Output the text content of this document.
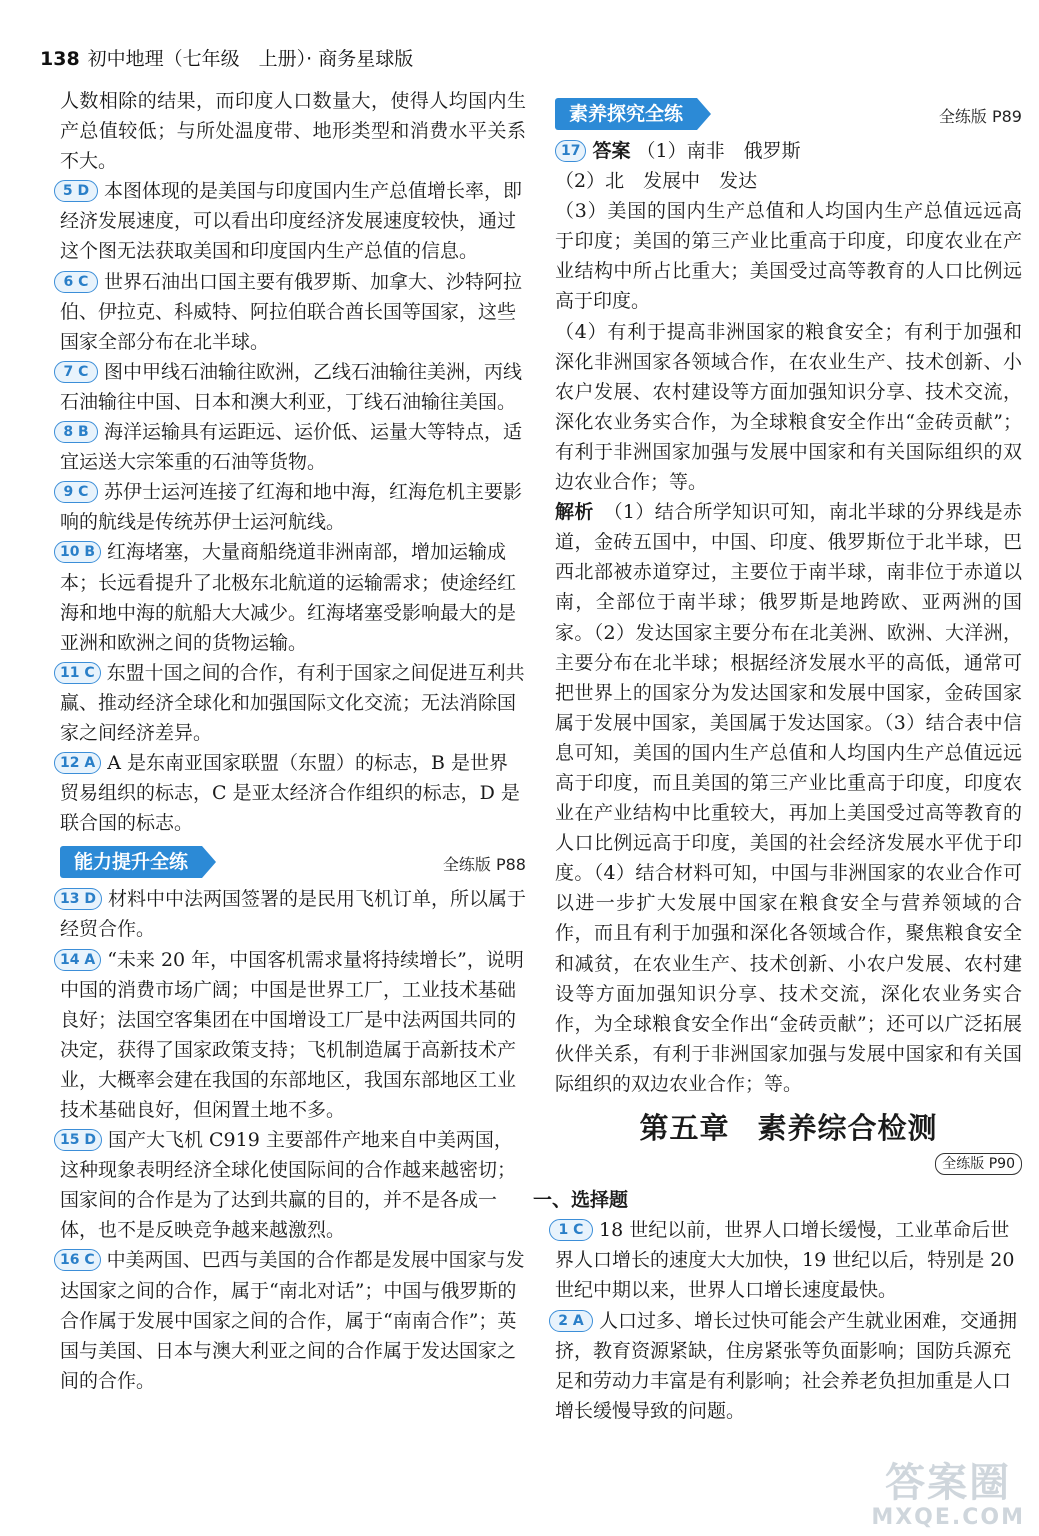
138 初中地理（七年级　上册）· 商务星球版

人数相除的结果，而印度人口数量大，使得人均国内生产总值较低；与所处温度带、地形类型和消费水平关系不大。

5 D 本图体现的是美国与印度国内生产总值增长率，即经济发展速度，可以看出印度经济发展速度较快，通过这个图无法获取美国和印度国内生产总值的信息。
6 C 世界石油出口国主要有俄罗斯、加拿大、沙特阿拉伯、伊拉克、科威特、阿拉伯联合酋长国等国家，这些国家全部分布在北半球。
7 C 图中甲线石油输往欧洲，乙线石油输往美洲，丙线石油输往中国、日本和澳大利亚，丁线石油输往美国。
8 B 海洋运输具有运距远、运价低、运量大等特点，适宜运送大宗笨重的石油等货物。
9 C 苏伊士运河连接了红海和地中海，红海危机主要影响的航线是传统苏伊士运河航线。
10 B 红海堵塞，大量商船绕道非洲南部，增加运输成本；长远看提升了北极东北航道的运输需求；使途经红海和地中海的航船大大减少。红海堵塞受影响最大的是亚洲和欧洲之间的货物运输。
11 C 东盟十国之间的合作，有利于国家之间促进互利共赢、推动经济全球化和加强国际文化交流；无法消除国家之间经济差异。
12 A A 是东南亚国家联盟（东盟）的标志，B 是世界贸易组织的标志，C 是亚太经济合作组织的标志，D 是联合国的标志。
能力提升全练	全练版 P88
13 D 材料中中法两国签署的是民用飞机订单，所以属于经贸合作。
14 A “未来 20 年，中国客机需求量将持续增长”，说明中国的消费市场广阔；中国是世界工厂，工业技术基础良好；法国空客集团在中国增设工厂是中法两国共同的决定，获得了国家政策支持；飞机制造属于高新技术产业，大概率会建在我国的东部地区，我国东部地区工业技术基础良好，但闲置土地不多。
15 D 国产大飞机 C919 主要部件产地来自中美两国，这种现象表明经济全球化使国际间的合作越来越密切；国家间的合作是为了达到共赢的目的，并不是各成一体，也不是反映竞争越来越激烈。
16 C 中美两国、巴西与美国的合作都是发展中国家与发达国家之间的合作，属于“南北对话”；中国与俄罗斯的合作属于发展中国家之间的合作，属于“南南合作”；英国与美国、日本与澳大利亚之间的合作属于发达国家之间的合作。
素养探究全练	全练版 P89
17 答案 （1）南非　俄罗斯

（2）北　发展中　发达

（3）美国的国内生产总值和人均国内生产总值远远高于印度；美国的第三产业比重高于印度，印度农业在产业结构中所占比重大；美国受过高等教育的人口比例远高于印度。

（4）有利于提高非洲国家的粮食安全；有利于加强和深化非洲国家各领域合作，在农业生产、技术创新、小农户发展、农村建设等方面加强知识分享、技术交流，深化农业务实合作，为全球粮食安全作出“金砖贡献”；有利于非洲国家加强与发展中国家和有关国际组织的双边农业合作；等。

解析　 （1）结合所学知识可知，南北半球的分界线是赤道，金砖五国中，中国、印度、俄罗斯位于北半球，巴西北部被赤道穿过，主要位于南半球，南非位于赤道以南，全部位于南半球；俄罗斯是地跨欧、亚两洲的国家。（2）发达国家主要分布在北美洲、欧洲、大洋洲，主要分布在北半球；根据经济发展水平的高低，通常可把世界上的国家分为发达国家和发展中国家，金砖国家属于发展中国家，美国属于发达国家。（3）结合表中信息可知，美国的国内生产总值和人均国内生产总值远远高于印度，而且美国的第三产业比重高于印度，印度农业在产业结构中比重较大，再加上美国受过高等教育的人口比例远高于印度，美国的社会经济发展水平优于印度。（4）结合材料可知，中国与非洲国家的农业合作可以进一步扩大发展中国家在粮食安全与营养领域的合作，而且有利于加强和深化各领域合作，聚焦粮食安全和减贫，在农业生产、技术创新、小农户发展、农村建设等方面加强知识分享、技术交流，深化农业务实合作，为全球粮食安全作出“金砖贡献”；还可以广泛拓展伙伴关系，有利于非洲国家加强与发展中国家和有关国际组织的双边农业合作；等。

第五章 素养综合检测
全练版 P90
一、选择题
1 C 18 世纪以前，世界人口增长缓慢，工业革命后世界人口增长的速度大大加快，19 世纪以后，特别是 20 世纪中期以来，世界人口增长速度最快。
2 A 人口过多、增长过快可能会产生就业困难，交通拥挤，教育资源紧缺，住房紧张等负面影响；国防兵源充足和劳动力丰富是有利影响；社会养老负担加重是人口增长缓慢导致的问题。
答案圈
MXQE.COM
